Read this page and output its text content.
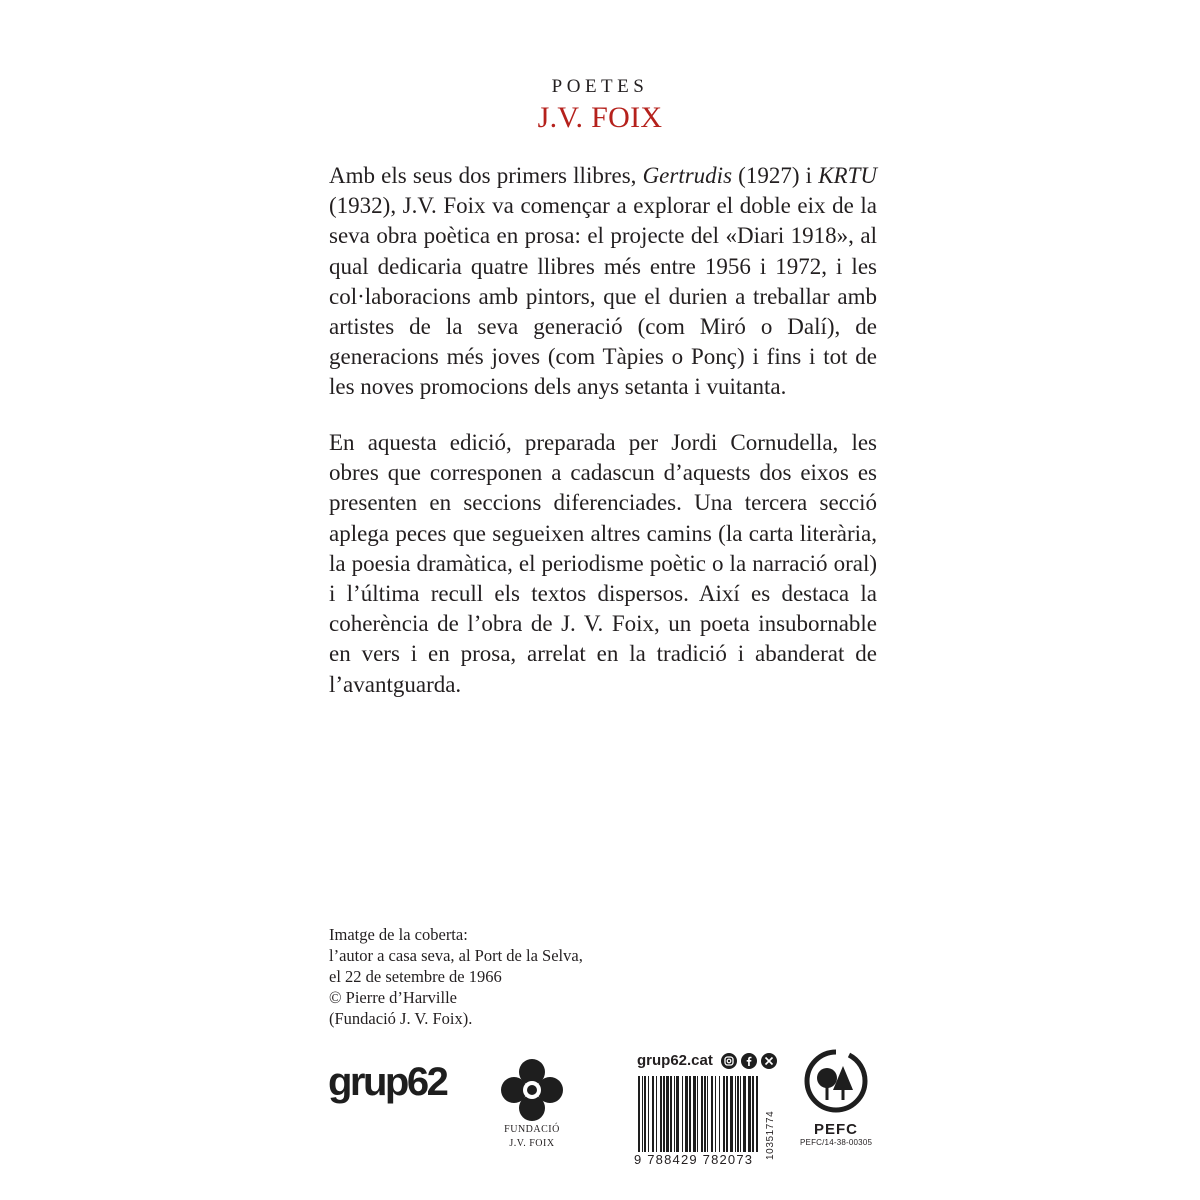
POETES
J.V. FOIX
Amb els seus dos primers llibres, Gertrudis (1927) i KRTU (1932), J.V. Foix va començar a explorar el doble eix de la seva obra poètica en prosa: el projecte del «Diari 1918», al qual dedicaria quatre llibres més entre 1956 i 1972, i les col·laboracions amb pintors, que el durien a treballar amb artistes de la seva generació (com Miró o Dalí), de generacions més joves (com Tàpies o Ponç) i fins i tot de les noves promocions dels anys setanta i vuitanta.
En aquesta edició, preparada per Jordi Cornudella, les obres que corresponen a cadascun d’aquests dos eixos es presenten en seccions diferenciades. Una tercera secció aplega peces que segueixen altres camins (la carta literària, la poesia dramàtica, el periodisme poètic o la narració oral) i l’última recull els textos dispersos. Així es destaca la coherència de l’obra de J. V. Foix, un poeta insubornable en vers i en prosa, arrelat en la tradició i abanderat de l’avantguarda.
Imatge de la coberta:
l’autor a casa seva, al Port de la Selva,
el 22 de setembre de 1966
© Pierre d’Harville
(Fundació J. V. Foix).
grup62
FUNDACIÓ
J.V. FOIX
grup62.cat
9 788429 782073	10351774	PEFC
PEFC/14-38-00305
